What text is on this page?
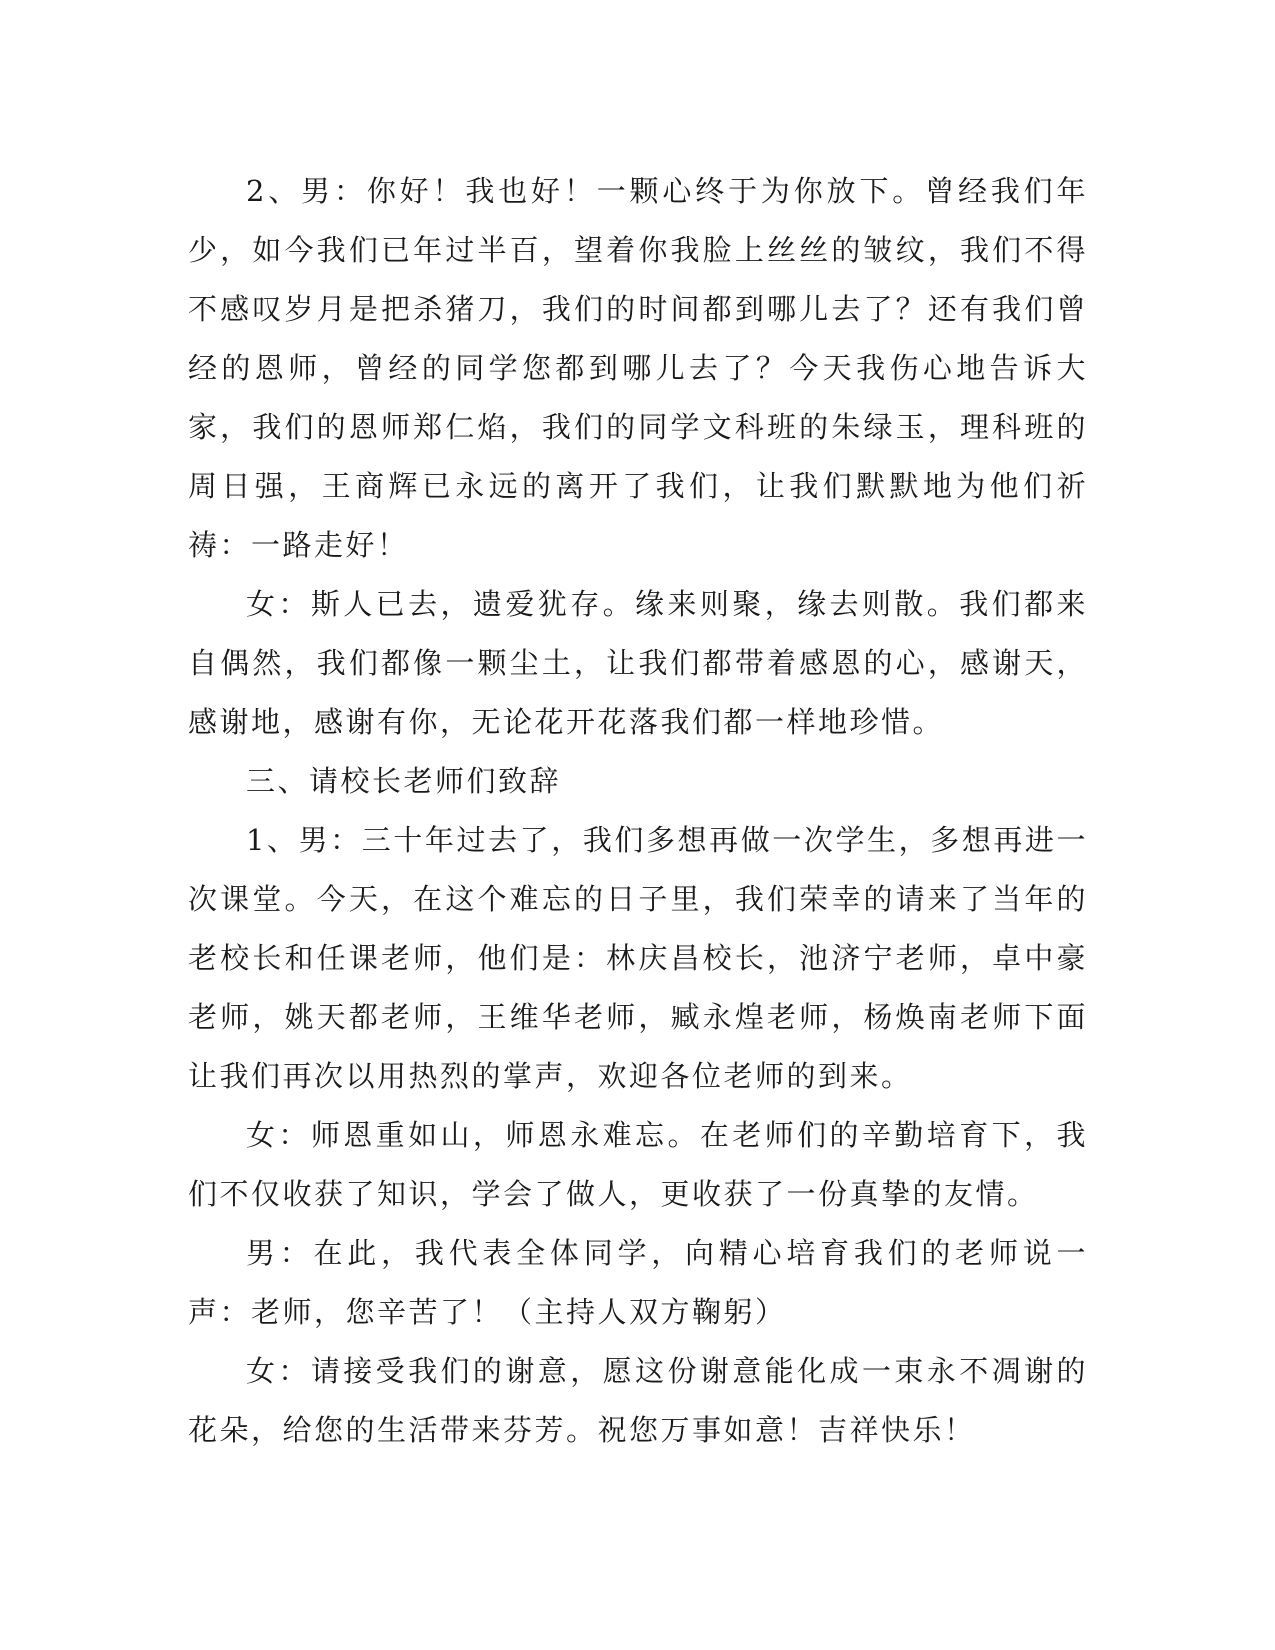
2、男：你好！我也好！一颗心终于为你放下。曾经我们年少，如今我们已年过半百，望着你我脸上丝丝的皱纹，我们不得不感叹岁月是把杀猪刀，我们的时间都到哪儿去了？还有我们曾经的恩师，曾经的同学您都到哪儿去了？今天我伤心地告诉大家，我们的恩师郑仁焰，我们的同学文科班的朱绿玉，理科班的周日强，王商辉已永远的离开了我们，让我们默默地为他们祈祷：一路走好！

女：斯人已去，遗爱犹存。缘来则聚，缘去则散。我们都来自偶然，我们都像一颗尘土，让我们都带着感恩的心，感谢天，感谢地，感谢有你，无论花开花落我们都一样地珍惜。

三、请校长老师们致辞

1、男：三十年过去了，我们多想再做一次学生，多想再进一次课堂。今天，在这个难忘的日子里，我们荣幸的请来了当年的老校长和任课老师，他们是：林庆昌校长，池济宁老师，卓中豪老师，姚天都老师，王维华老师，臧永煌老师，杨焕南老师下面让我们再次以用热烈的掌声，欢迎各位老师的到来。

女：师恩重如山，师恩永难忘。在老师们的辛勤培育下，我们不仅收获了知识，学会了做人，更收获了一份真挚的友情。

男：在此，我代表全体同学，向精心培育我们的老师说一声：老师，您辛苦了！（主持人双方鞠躬）

女：请接受我们的谢意，愿这份谢意能化成一束永不凋谢的花朵，给您的生活带来芬芳。祝您万事如意！吉祥快乐！
